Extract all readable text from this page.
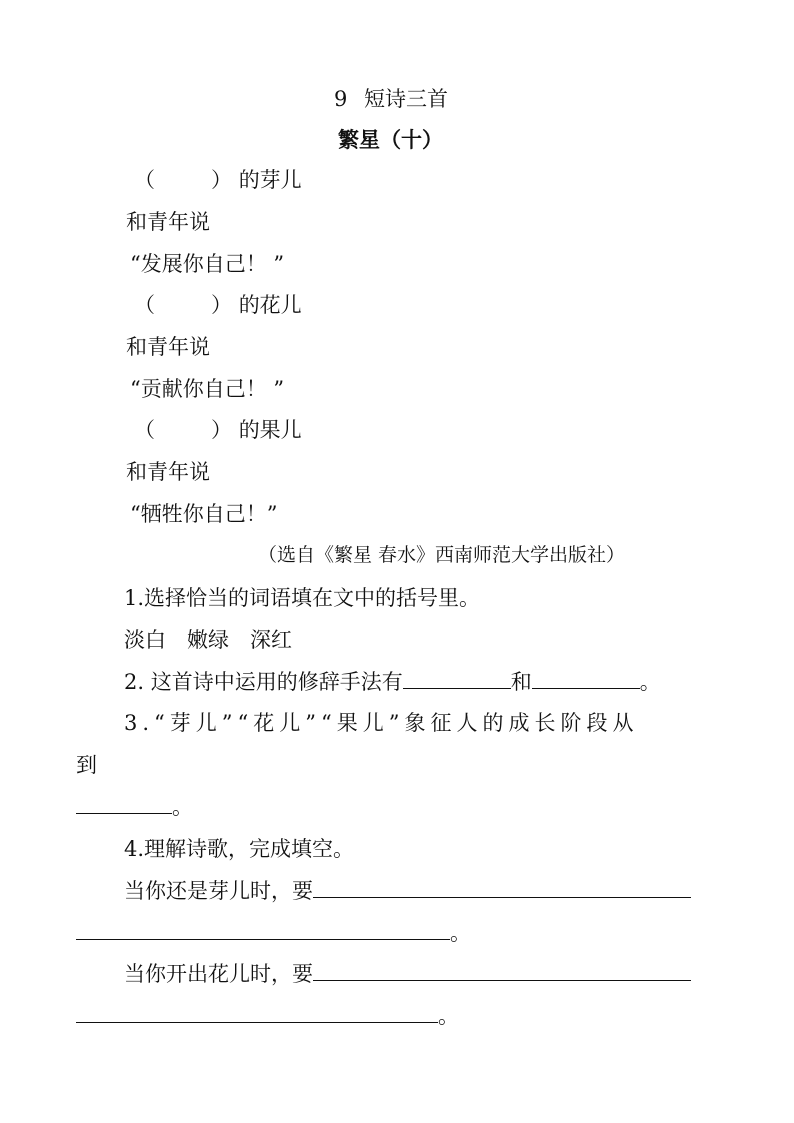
9 短诗三首
繁星（十）
（	） 的芽儿
和青年说
“发展你自己！ ”
（	） 的花儿
和青年说
“贡献你自己！ ”
（	） 的果儿
和青年说
“牺牲你自己！”
（选自《繁星 春水》西南师范大学出版社）
1.选择恰当的词语填在文中的括号里。
淡白  嫩绿  深红
2. 这首诗中运用的修辞手法有	和	。
3.“芽儿”“花儿”“果儿”象征人的成长阶段从
到
。
4.理解诗歌，完成填空。
当你还是芽儿时，要
。
当你开出花儿时，要
。
